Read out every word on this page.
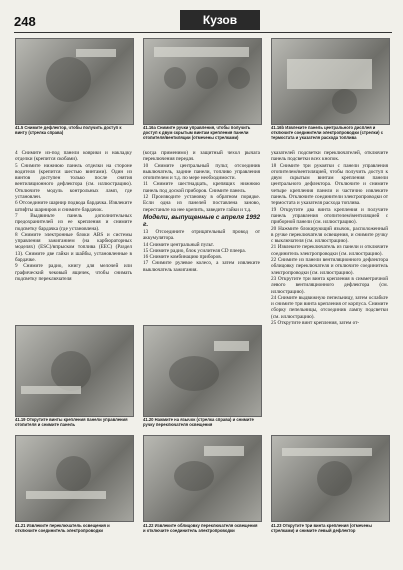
248	Кузов
41.5 Снимите дефлектор, чтобы получить доступ к винту (стрелка справа)
41.16а Снимите ручки управления, чтобы получить доступ к двум скрытым винтам крепления панели отопителя/вентиляции (отмечены стрелками)
41.16b Извлеките панель центрального дисплея и отключите соединители электропроводки (стрелки) с термостата и указателя расхода топлива

4 Снимите из-под панели коврики и накладку отделки (крепится скобами).

5 Снимите нижнюю панель отделки на стороне водителя (крепится шестью винтами). Один из винтов доступен только после снятия вентиляционного дефлектора (см. иллюстрацию). Отключите модуль контрольных ламп, где установлен.

6 Отсоедините шарнир подвода бардачка. Извлеките штифты шарниров и снимите бардачок.

7 Выдвиньте панель дополнительных предохранителей из ее крепления и снимите подсветку бардачка (где установлена).

8 Снимите электронные блоки ABS и системы управления зажиганием (на карбюраторных моделях) (ESC)/впрыском топлива (EEC) (Раздел 13). Снимите две гайки и шайбы, установленные в бардачке.

9 Снимите радио, книгу для мелочей или графический чековый ящичек, чтобы снимать подсветку переключателя

(когда применимо) и защитный чехол рычага переключения передач.

10 Снимите центральный пульт, отсоединив выключатель, задние панели, топливо управления отопителем и т.д. по мере необходимости.

11 Снимите шестнадцать, крепящих нижнюю панель под доской приборов. Снимите панель.

12 Производите установку в обратном порядке. Если одна из панелей поставлена заново, перестаньте на нее крепить, заведите гайки и т.д.

Модели, выпущенные с апреля 1992 г.

13 Отсоедините отрицательный провод от аккумулятора.

14 Снимите центральный пульт.

15 Снимите радио, блок усилителя CD плеера.

16 Снимите комбинацию приборов.

17 Снимите рулевое колесо, а затем извлеките выключатель зажигания.

указателей подсветки переключателей, отключите панель подсветки всех кнопок.

18 Снимите три рукоятки с панели управления отопителем/вентиляцией, чтобы получить доступ к двум скрытым винтам крепления панели центрального дефлектора. Отключите и снимите четыре крепления панели и частично извлеките панель. Отключите соединители электропроводки от термостата и указателя расхода топлива.

19 Открутите два винта крепления и получите панель управления отопителем/вентиляцией с приборной панели (см. иллюстрацию).

20 Нажмите блокирующий язычок, расположенный в ручке переключателя освещения, и снимите ручку с выключателя (см. иллюстрацию).

21 Извлеките переключатель из панели и отключите соединитель электропроводки (см. иллюстрацию).

22 Снимите из панели вентиляционного дефлектора облицовку переключателя и отключите соединитель электропроводки (см. иллюстрацию).

23 Открутите три винта крепления в симметричной левого вентиляционного дефлектора (см. иллюстрацию).

24 Снимите выдвижную пепельницу, затем ослабьте и снимите три винта крепления от корпуса. Снимите сборку пепельницы, отсоединив лампу подсветки (см. иллюстрацию).

25 Открутите винт крепления, затем от-

41.19 Открутите винты крепления панели управления отопителя и снимите панель
41.20 Нажмите на язычок (стрелка справа) и снимите ручку переключателя освещения
41.21 Извлеките переключатель освещения и отключите соединитель электропроводки
41.22 Извлеките облицовку переключателя освещения и отключите соединитель электропроводки
41.23 Открутите три винта крепления (отмечены стрелками) и снимите левый дефлектор
